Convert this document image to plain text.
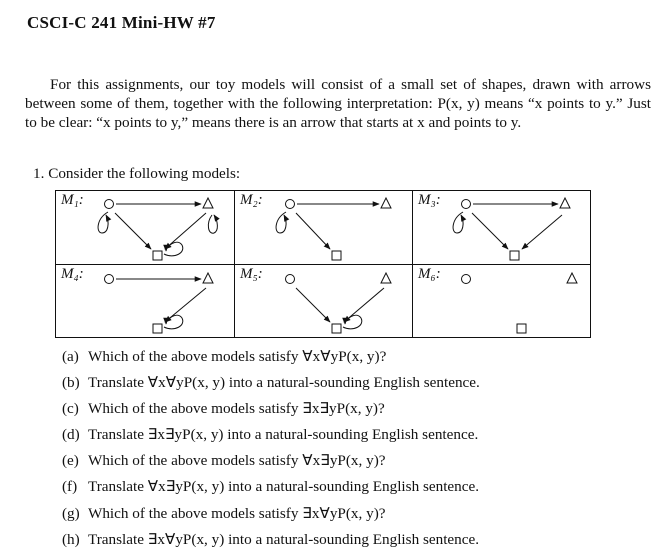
CSCI-C 241 Mini-HW #7
For this assignments, our toy models will consist of a small set of shapes, drawn with arrows between some of them, together with the following interpretation: P(x, y) means “x points to y.” Just to be clear: “x points to y,” means there is an arrow that starts at x and points to y.
1. Consider the following models:
M₁:	M₂:	M₃:
M₄:	M₅:	M₆:
(a) Which of the above models satisfy ∀x∀yP(x, y)?
(b) Translate ∀x∀yP(x, y) into a natural-sounding English sentence.
(c) Which of the above models satisfy ∃x∃yP(x, y)?
(d) Translate ∃x∃yP(x, y) into a natural-sounding English sentence.
(e) Which of the above models satisfy ∀x∃yP(x, y)?
(f) Translate ∀x∃yP(x, y) into a natural-sounding English sentence.
(g) Which of the above models satisfy ∃x∀yP(x, y)?
(h) Translate ∃x∀yP(x, y) into a natural-sounding English sentence.
